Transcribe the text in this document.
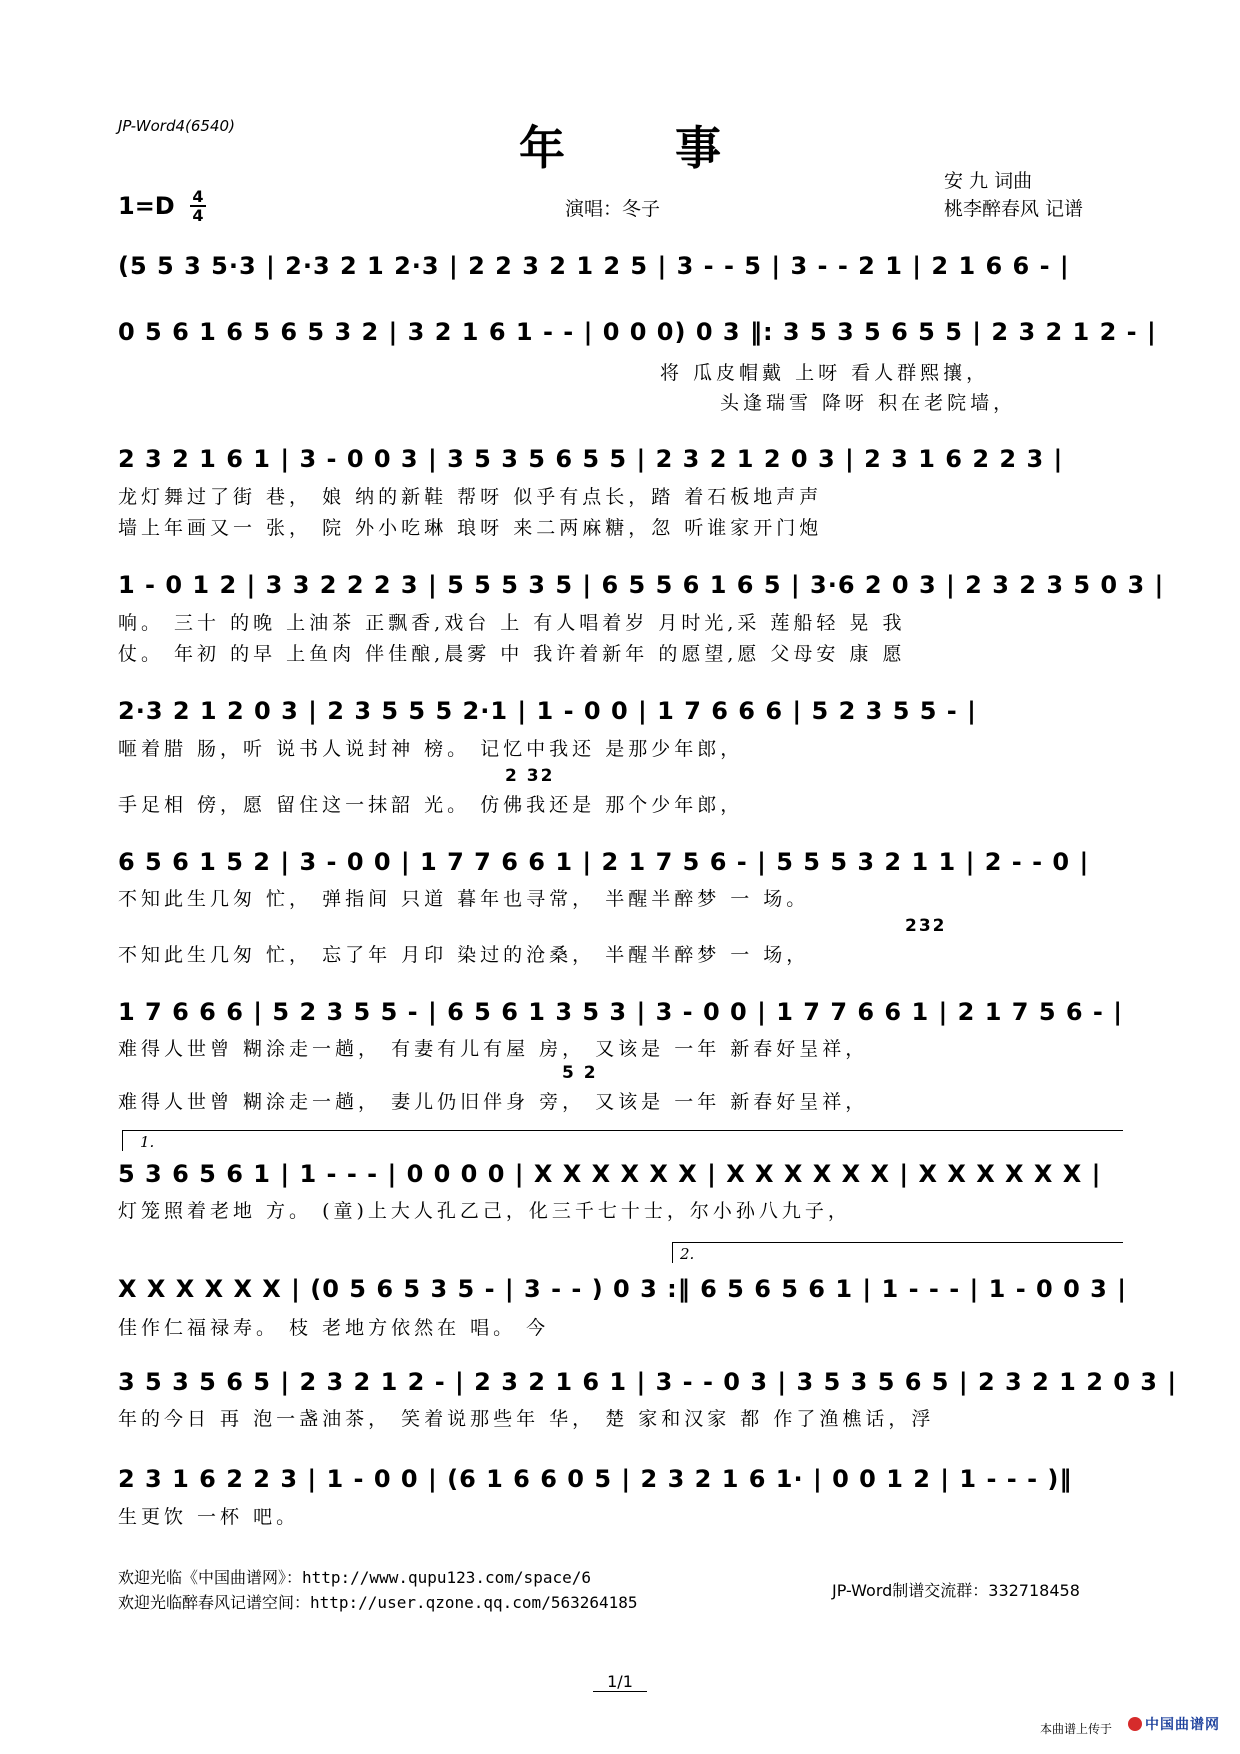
JP-Word4(6540)	年事
1=D 4
4	演唱：冬子
安 九 词曲
桃李醉春风 记谱
(5 5 3 5·3 | 2·3 2 1 2·3 | 2 2 3 2 1 2 5 | 3 - - 5 | 3 - - 2 1 | 2 1 6 6 - |
0 5 6 1 6 5 6 5 3 2 | 3 2 1 6 1 - - | 0 0 0) 0 3 ‖: 3 5 3 5 6 5 5 | 2 3 2 1 2 - |
将 瓜皮帽戴 上呀 看人群熙攘，
头逢瑞雪 降呀 积在老院墙，
2 3 2 1 6 1 | 3 - 0 0 3 | 3 5 3 5 6 5 5 | 2 3 2 1 2 0 3 | 2 3 1 6 2 2 3 |
龙灯舞过了街 巷， 娘 纳的新鞋 帮呀 似乎有点长，踏 着石板地声声
墙上年画又一 张， 院 外小吃琳 琅呀 来二两麻糖，忽 听谁家开门炮
1 - 0 1 2 | 3 3 2 2 2 3 | 5 5 5 3 5 | 6 5 5 6 1 6 5 | 3·6 2 0 3 | 2 3 2 3 5 0 3 |
响。 三十 的晚 上油茶 正飘香,戏台 上 有人唱着岁 月时光,采 莲船轻 晃 我
仗。 年初 的早 上鱼肉 伴佳酿,晨雾 中 我许着新年 的愿望,愿 父母安 康 愿
2·3 2 1 2 0 3 | 2 3 5 5 5 2·1 | 1 - 0 0 | 1 7 6 6 6 | 5 2 3 5 5 - |
咂着腊 肠，听 说书人说封神 榜。 记忆中我还 是那少年郎，
2 32
手足相 傍，愿 留住这一抹韶 光。 仿佛我还是 那个少年郎，
6 5 6 1 5 2 | 3 - 0 0 | 1 7 7 6 6 1 | 2 1 7 5 6 - | 5 5 5 3 2 1 1 | 2 - - 0 |
不知此生几匆 忙， 弹指间 只道 暮年也寻常， 半醒半醉梦 一 场。
232
不知此生几匆 忙， 忘了年 月印 染过的沧桑， 半醒半醉梦 一 场，
1 7 6 6 6 | 5 2 3 5 5 - | 6 5 6 1 3 5 3 | 3 - 0 0 | 1 7 7 6 6 1 | 2 1 7 5 6 - |
难得人世曾 糊涂走一趟， 有妻有儿有屋 房， 又该是 一年 新春好呈祥，
5 2
难得人世曾 糊涂走一趟， 妻儿仍旧伴身 旁， 又该是 一年 新春好呈祥，
1.
5 3 6 5 6 1 | 1 - - - | 0 0 0 0 | X X X X X X | X X X X X X | X X X X X X |
灯笼照着老地 方。 (童)上大人孔乙己，化三千七十士，尔小孙八九子，
2.
X X X X X X | (0 5 6 5 3 5 - | 3 - - ) 0 3 :‖ 6 5 6 5 6 1 | 1 - - - | 1 - 0 0 3 |
佳作仁福禄寿。 枝 老地方依然在 唱。 今
3 5 3 5 6 5 | 2 3 2 1 2 - | 2 3 2 1 6 1 | 3 - - 0 3 | 3 5 3 5 6 5 | 2 3 2 1 2 0 3 |
年的今日 再 泡一盏油茶， 笑着说那些年 华， 楚 家和汉家 都 作了渔樵话，浮
2 3 1 6 2 2 3 | 1 - 0 0 | (6 1 6 6 0 5 | 2 3 2 1 6 1· | 0 0 1 2 | 1 - - - )‖
生更饮 一杯 吧。
欢迎光临《中国曲谱网》：http://www.qupu123.com/space/6
欢迎光临醉春风记谱空间：http://user.qzone.qq.com/563264185
JP-Word制谱交流群：332718458
1/1
本曲谱上传于 中国曲谱网
